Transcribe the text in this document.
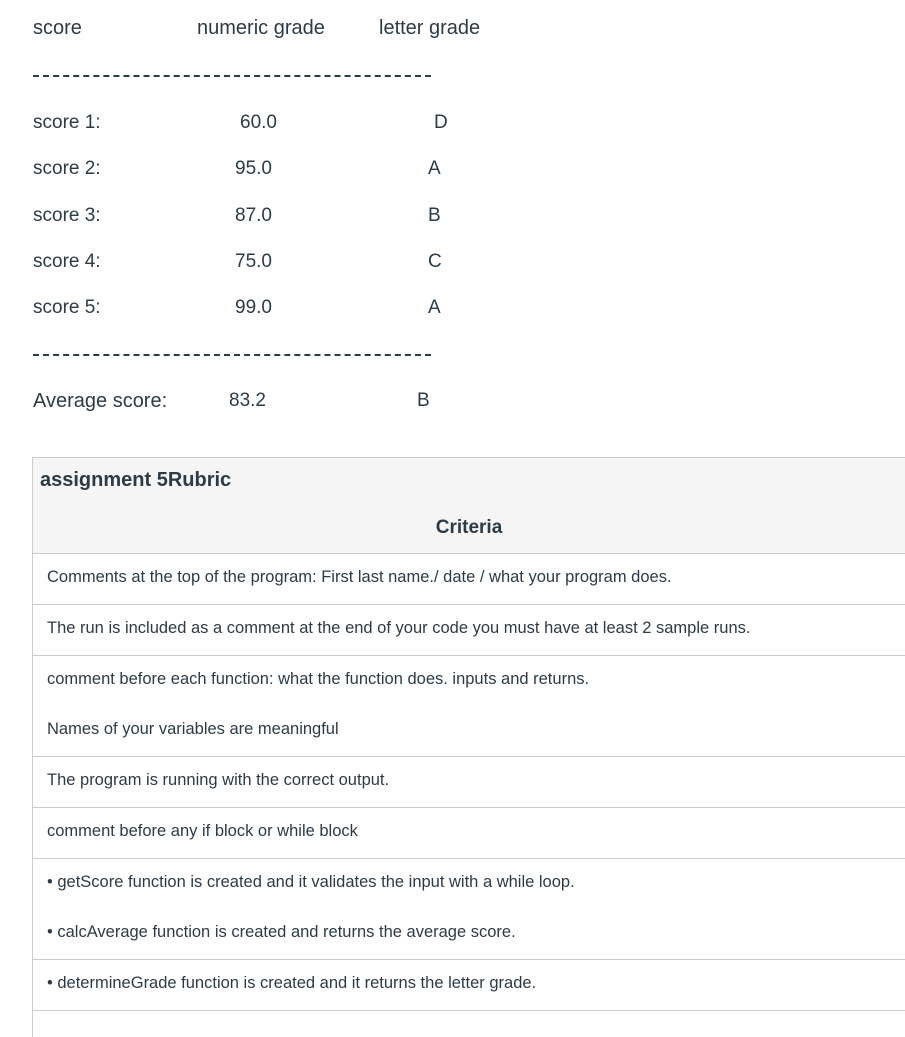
score	numeric grade	letter grade
score 1:	60.0	D
score 2:	95.0	A
score 3:	87.0	B
score 4:	75.0	C
score 5:	99.0	A
Average score:	83.2	B
assignment 5Rubric
Criteria
Comments at the top of the program: First last name./ date / what your program does.
The run is included as a comment at the end of your code you must have at least 2 sample runs.
comment before each function: what the function does. inputs and returns.
Names of your variables are meaningful
The program is running with the correct output.
comment before any if block or while block
• getScore function is created and it validates the input with a while loop.
• calcAverage function is created and returns the average score.
• determineGrade function is created and it returns the letter grade.
